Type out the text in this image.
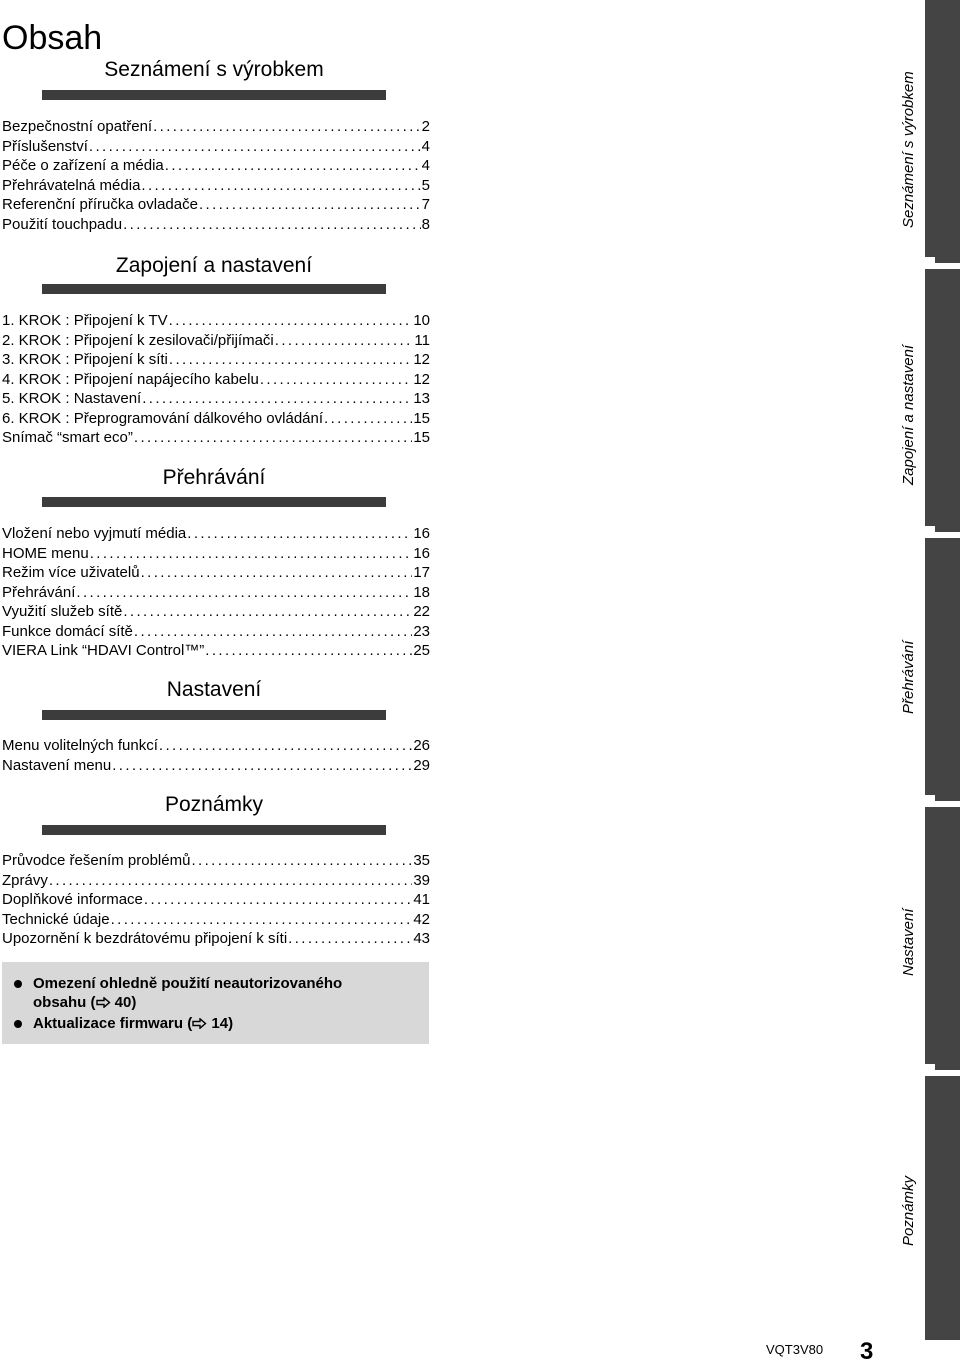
Obsah
Seznámení s výrobkem
Bezpečnostní opatření .....	2
Příslušenství .....	4
Péče o zařízení a média .....	4
Přehrávatelná média .....	5
Referenční příručka ovladače .....	7
Použití touchpadu .....	8
Zapojení a nastavení
1. KROK : Připojení k TV .....	10
2. KROK : Připojení k zesilovači/přijímači .....	11
3. KROK : Připojení k síti .....	12
4. KROK : Připojení napájecího kabelu .....	12
5. KROK : Nastavení .....	13
6. KROK : Přeprogramování dálkového ovládání .....	15
Snímač “smart eco” .....	15
Přehrávání
Vložení nebo vyjmutí média .....	16
HOME menu .....	16
Režim více uživatelů .....	17
Přehrávání .....	18
Využití služeb sítě .....	22
Funkce domácí sítě .....	23
VIERA Link “HDAVI Control™” .....	25
Nastavení
Menu volitelných funkcí .....	26
Nastavení menu .....	29
Poznámky
Průvodce řešením problémů .....	35
Zprávy .....	39
Doplňkové informace .....	41
Technické údaje .....	42
Upozornění k bezdrátovému připojení k síti .....	43
Omezení ohledně použití neautorizovaného
obsahu ( 40)
Aktualizace firmwaru ( 14)
Seznámení s výrobkem
Zapojení a nastavení
Přehrávání
Nastavení
Poznámky
VQT3V80 3
